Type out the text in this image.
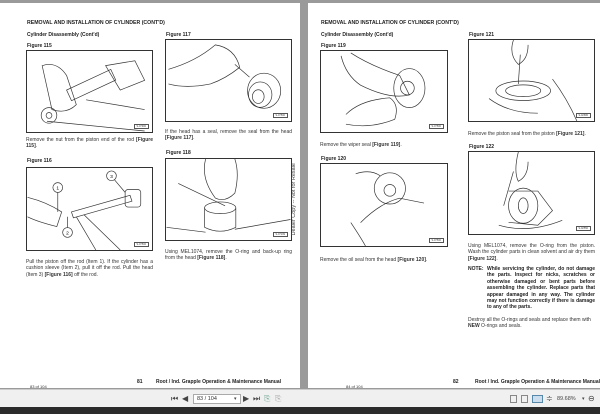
REMOVAL AND INSTALLATION OF CYLINDER (CONT'D)
Cylinder Disassembly (Cont'd)
Figure 115
S-07900
Remove the nut from the piston end of the rod [Figure 115].
Figure 116
1
2
3
S-07500
Pull the piston off the rod (Item 1). If the cylinder has a cushion sleeve (Item 2), pull it off the rod. Pull the head (Item 3) [Figure 116] off the rod.
Figure 117
S-07500
If the head has a seal, remove the seal from the head [Figure 117].
Figure 118
S-07199
Using MEL1074, remove the O-ring and back-up ring from the head [Figure 118].
Dealer Copy -- Not for Resale
83 of 104
81	Root / Ind. Grapple Operation & Maintenance Manual
REMOVAL AND INSTALLATION OF CYLINDER (CONT'D)
Cylinder Disassembly (Cont'd)
Figure 119
S-07500
Remove the wiper seal [Figure 119].
Figure 120
S-07500
Remove the oil seal from the head [Figure 120].
Figure 121
S-02680
Remove the piston seal from the piston [Figure 121].
Figure 122
S-02550
Using MEL1074, remove the O-ring from the piston. Wash the cylinder parts in clean solvent and air dry them [Figure 122].
NOTE: While servicing the cylinder, do not damage the parts. Inspect for nicks, scratches or otherwise damaged or bent parts before assembling the cylinder. Replace parts that appear damaged in any way. The cylinder may not function correctly if there is damage to any of the parts.
Destroy all the O-rings and seals and replace them with NEW O-rings and seals.
84 of 104
82	Root / Ind. Grapple Operation & Maintenance Manual
⏮ ◀	83 / 104	▾ ▶ ⏭ ⎘ ⎘	≑ 89.68% ▾ ⊖
